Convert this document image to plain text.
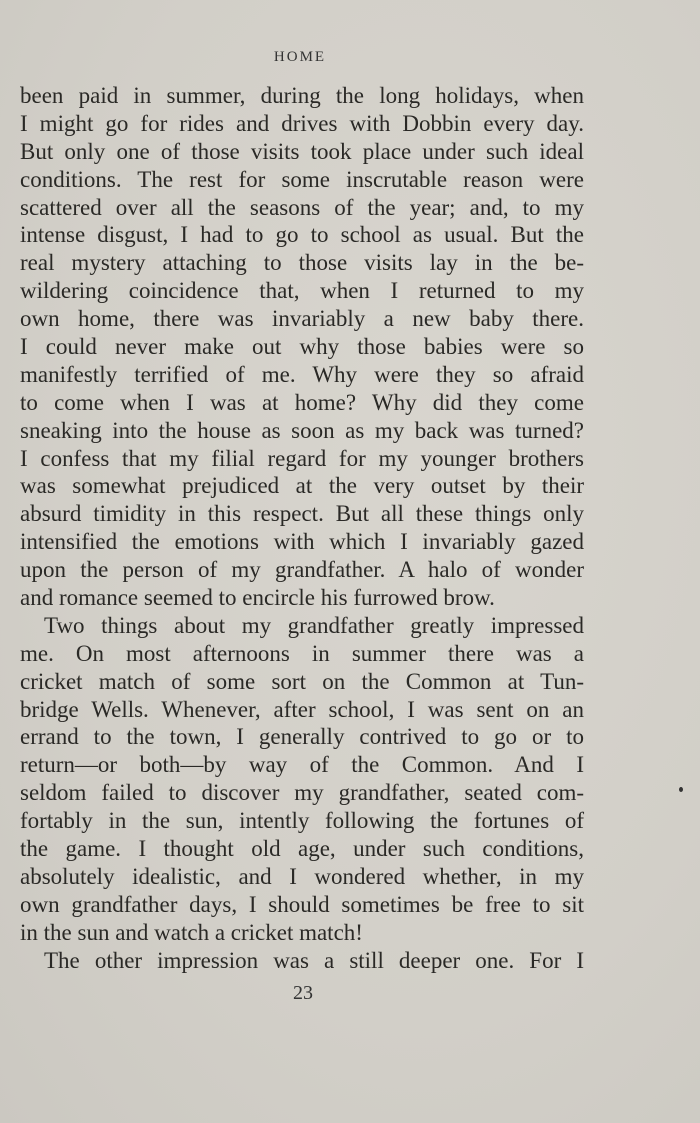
HOME
been paid in summer, during the long holidays, when
I might go for rides and drives with Dobbin every day.
But only one of those visits took place under such ideal
conditions. The rest for some inscrutable reason were
scattered over all the seasons of the year; and, to my
intense disgust, I had to go to school as usual. But the
real mystery attaching to those visits lay in the be-
wildering coincidence that, when I returned to my
own home, there was invariably a new baby there.
I could never make out why those babies were so
manifestly terrified of me. Why were they so afraid
to come when I was at home? Why did they come
sneaking into the house as soon as my back was turned?
I confess that my filial regard for my younger brothers
was somewhat prejudiced at the very outset by their
absurd timidity in this respect. But all these things only
intensified the emotions with which I invariably gazed
upon the person of my grandfather. A halo of wonder
and romance seemed to encircle his furrowed brow.
Two things about my grandfather greatly impressed
me. On most afternoons in summer there was a
cricket match of some sort on the Common at Tun-
bridge Wells. Whenever, after school, I was sent on an
errand to the town, I generally contrived to go or to
return—or both—by way of the Common. And I
seldom failed to discover my grandfather, seated com-
fortably in the sun, intently following the fortunes of
the game. I thought old age, under such conditions,
absolutely idealistic, and I wondered whether, in my
own grandfather days, I should sometimes be free to sit
in the sun and watch a cricket match!
The other impression was a still deeper one. For I
23
